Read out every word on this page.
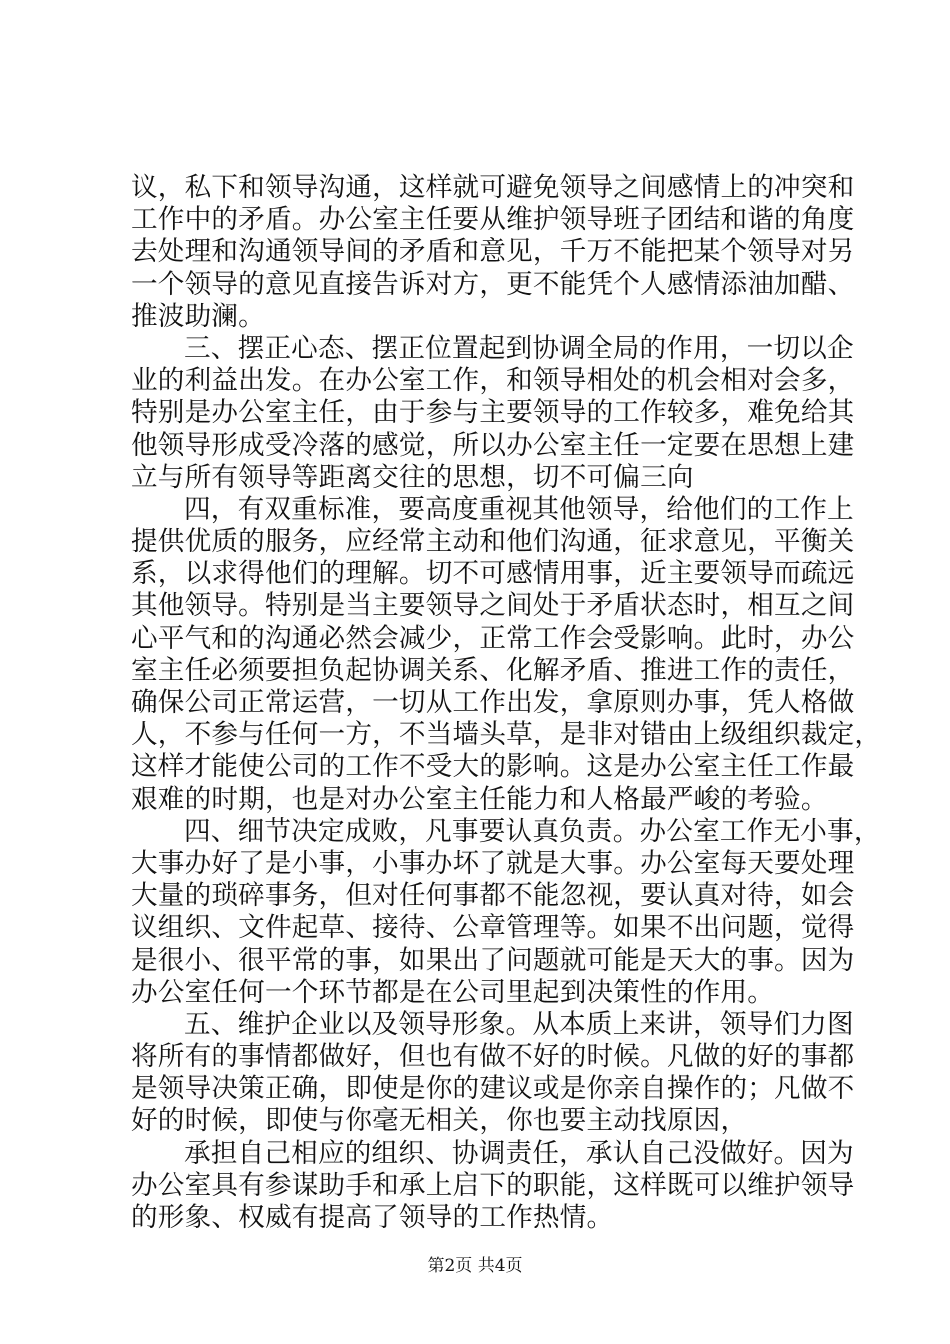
议，私下和领导沟通，这样就可避免领导之间感情上的冲突和
工作中的矛盾。办公室主任要从维护领导班子团结和谐的角度
去处理和沟通领导间的矛盾和意见，千万不能把某个领导对另
一个领导的意见直接告诉对方，更不能凭个人感情添油加醋、
推波助澜。
三、摆正心态、摆正位置起到协调全局的作用，一切以企
业的利益出发。在办公室工作，和领导相处的机会相对会多，
特别是办公室主任，由于参与主要领导的工作较多，难免给其
他领导形成受冷落的感觉，所以办公室主任一定要在思想上建
立与所有领导等距离交往的思想，切不可偏三向
四，有双重标准，要高度重视其他领导，给他们的工作上
提供优质的服务，应经常主动和他们沟通，征求意见，平衡关
系，以求得他们的理解。切不可感情用事，近主要领导而疏远
其他领导。特别是当主要领导之间处于矛盾状态时，相互之间
心平气和的沟通必然会减少，正常工作会受影响。此时，办公
室主任必须要担负起协调关系、化解矛盾、推进工作的责任，
确保公司正常运营，一切从工作出发，拿原则办事，凭人格做
人，不参与任何一方，不当墙头草，是非对错由上级组织裁定，
这样才能使公司的工作不受大的影响。这是办公室主任工作最
艰难的时期，也是对办公室主任能力和人格最严峻的考验。
四、细节决定成败，凡事要认真负责。办公室工作无小事，
大事办好了是小事，小事办坏了就是大事。办公室每天要处理
大量的琐碎事务，但对任何事都不能忽视，要认真对待，如会
议组织、文件起草、接待、公章管理等。如果不出问题，觉得
是很小、很平常的事，如果出了问题就可能是天大的事。因为
办公室任何一个环节都是在公司里起到决策性的作用。
五、维护企业以及领导形象。从本质上来讲，领导们力图
将所有的事情都做好，但也有做不好的时候。凡做的好的事都
是领导决策正确，即使是你的建议或是你亲自操作的；凡做不
好的时候，即使与你毫无相关，你也要主动找原因，
承担自己相应的组织、协调责任，承认自己没做好。因为
办公室具有参谋助手和承上启下的职能，这样既可以维护领导
的形象、权威有提高了领导的工作热情。
第2页 共4页
